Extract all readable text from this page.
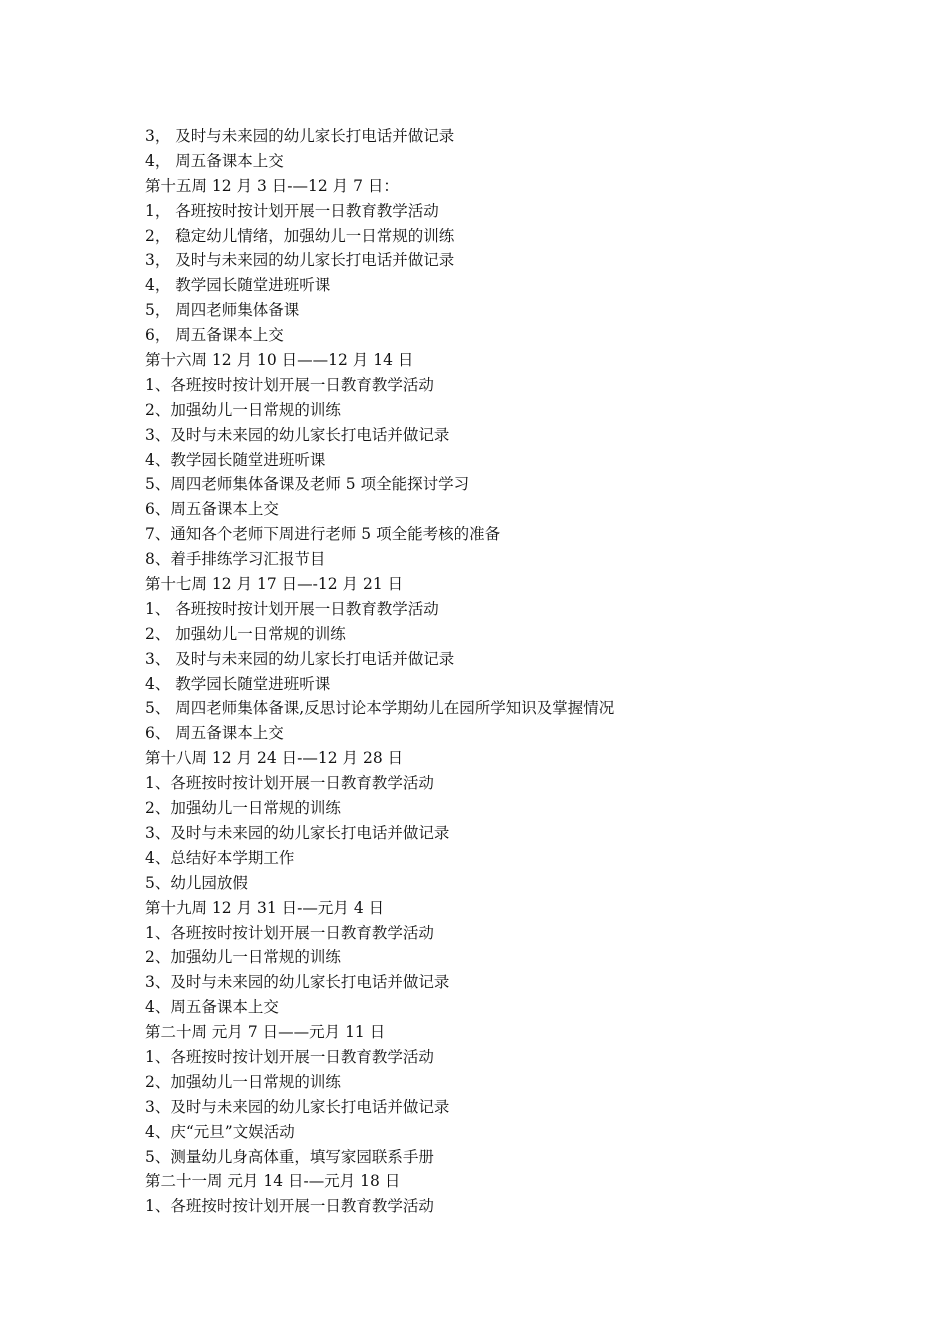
3， 及时与未来园的幼儿家长打电话并做记录
4， 周五备课本上交
第十五周 12 月 3 日-—12 月 7 日：
1， 各班按时按计划开展一日教育教学活动
2， 稳定幼儿情绪，加强幼儿一日常规的训练
3， 及时与未来园的幼儿家长打电话并做记录
4， 教学园长随堂进班听课
5， 周四老师集体备课
6， 周五备课本上交
第十六周 12 月 10 日——12 月 14 日
1、各班按时按计划开展一日教育教学活动
2、加强幼儿一日常规的训练
3、及时与未来园的幼儿家长打电话并做记录
4、教学园长随堂进班听课
5、周四老师集体备课及老师 5 项全能探讨学习
6、周五备课本上交
7、通知各个老师下周进行老师 5 项全能考核的准备
8、着手排练学习汇报节目
第十七周 12 月 17 日—-12 月 21 日
1、 各班按时按计划开展一日教育教学活动
2、 加强幼儿一日常规的训练
3、 及时与未来园的幼儿家长打电话并做记录
4、 教学园长随堂进班听课
5、 周四老师集体备课,反思讨论本学期幼儿在园所学知识及掌握情况
6、 周五备课本上交
第十八周 12 月 24 日-—12 月 28 日
1、各班按时按计划开展一日教育教学活动
2、加强幼儿一日常规的训练
3、及时与未来园的幼儿家长打电话并做记录
4、总结好本学期工作
5、幼儿园放假
第十九周 12 月 31 日-—元月 4 日
1、各班按时按计划开展一日教育教学活动
2、加强幼儿一日常规的训练
3、及时与未来园的幼儿家长打电话并做记录
4、周五备课本上交
第二十周 元月 7 日——元月 11 日
1、各班按时按计划开展一日教育教学活动
2、加强幼儿一日常规的训练
3、及时与未来园的幼儿家长打电话并做记录
4、庆“元旦”文娱活动
5、测量幼儿身高体重，填写家园联系手册
第二十一周 元月 14 日-—元月 18 日
1、各班按时按计划开展一日教育教学活动
